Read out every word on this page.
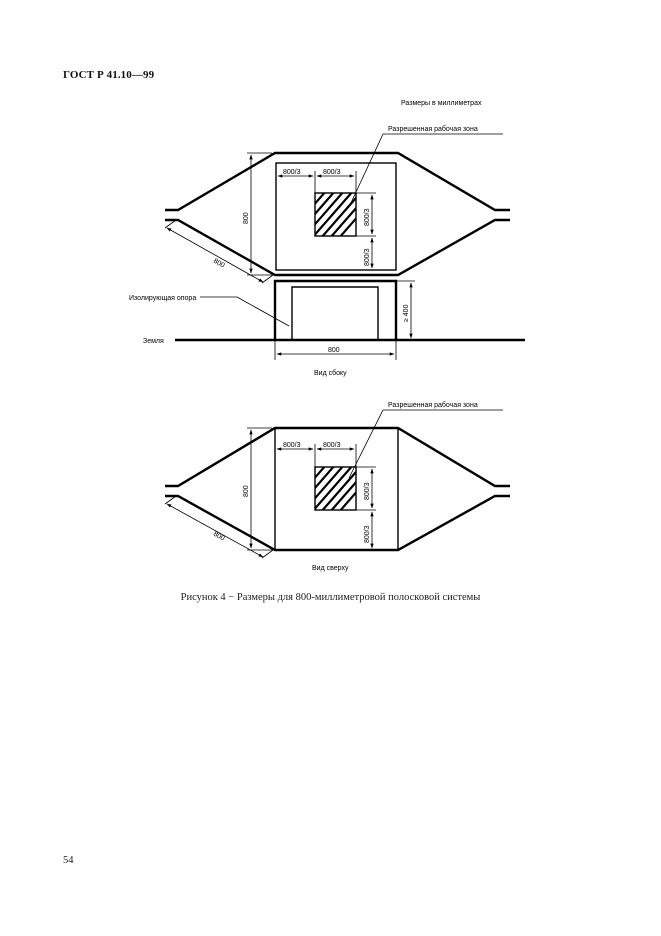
ГОСТ Р 41.10—99
Размеры в миллиметрах
Земля
Изолирующая опора
Разрешенная рабочая зона
800
800/3	800/3
800/3
800/3
800
≥ 400
800
Вид сбоку
Разрешенная рабочая зона
800
800/3	800/3
800/3
800/3
800
Вид сверху
Рисунок 4 − Размеры для 800-миллиметровой полосковой системы
54
